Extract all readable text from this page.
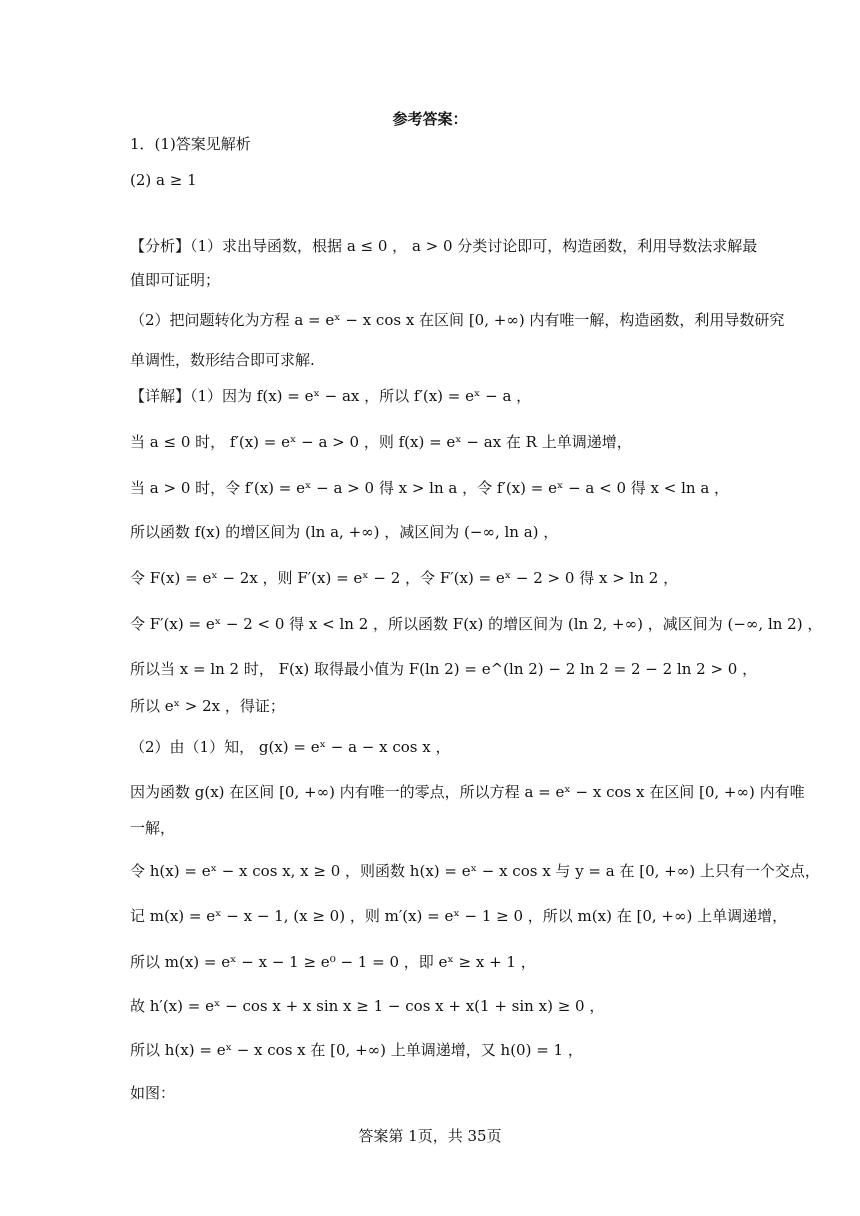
参考答案：
1．(1)答案见解析
(2) a ≥ 1
【分析】（1）求出导函数，根据 a ≤ 0 ， a > 0 分类讨论即可，构造函数，利用导数法求解最
值即可证明；
（2）把问题转化为方程 a = eˣ − x cos x 在区间 [0, +∞) 内有唯一解，构造函数，利用导数研究
单调性，数形结合即可求解.
【详解】（1）因为 f(x) = eˣ − ax ，所以 f′(x) = eˣ − a ，
当 a ≤ 0 时， f′(x) = eˣ − a > 0 ，则 f(x) = eˣ − ax 在 R 上单调递增，
当 a > 0 时，令 f′(x) = eˣ − a > 0 得 x > ln a ，令 f′(x) = eˣ − a < 0 得 x < ln a ，
所以函数 f(x) 的增区间为 (ln a, +∞) ，减区间为 (−∞, ln a) ，
令 F(x) = eˣ − 2x ，则 F′(x) = eˣ − 2 ，令 F′(x) = eˣ − 2 > 0 得 x > ln 2 ，
令 F′(x) = eˣ − 2 < 0 得 x < ln 2 ，所以函数 F(x) 的增区间为 (ln 2, +∞) ，减区间为 (−∞, ln 2) ，
所以当 x = ln 2 时， F(x) 取得最小值为 F(ln 2) = e^(ln 2) − 2 ln 2 = 2 − 2 ln 2 > 0 ，
所以 eˣ > 2x ，得证；
（2）由（1）知， g(x) = eˣ − a − x cos x ，
因为函数 g(x) 在区间 [0, +∞) 内有唯一的零点，所以方程 a = eˣ − x cos x 在区间 [0, +∞) 内有唯
一解，
令 h(x) = eˣ − x cos x, x ≥ 0 ，则函数 h(x) = eˣ − x cos x 与 y = a 在 [0, +∞) 上只有一个交点，
记 m(x) = eˣ − x − 1, (x ≥ 0) ，则 m′(x) = eˣ − 1 ≥ 0 ，所以 m(x) 在 [0, +∞) 上单调递增，
所以 m(x) = eˣ − x − 1 ≥ e⁰ − 1 = 0 ，即 eˣ ≥ x + 1 ，
故 h′(x) = eˣ − cos x + x sin x ≥ 1 − cos x + x(1 + sin x) ≥ 0 ，
所以 h(x) = eˣ − x cos x 在 [0, +∞) 上单调递增，又 h(0) = 1 ，
如图：
答案第 1页，共 35页
